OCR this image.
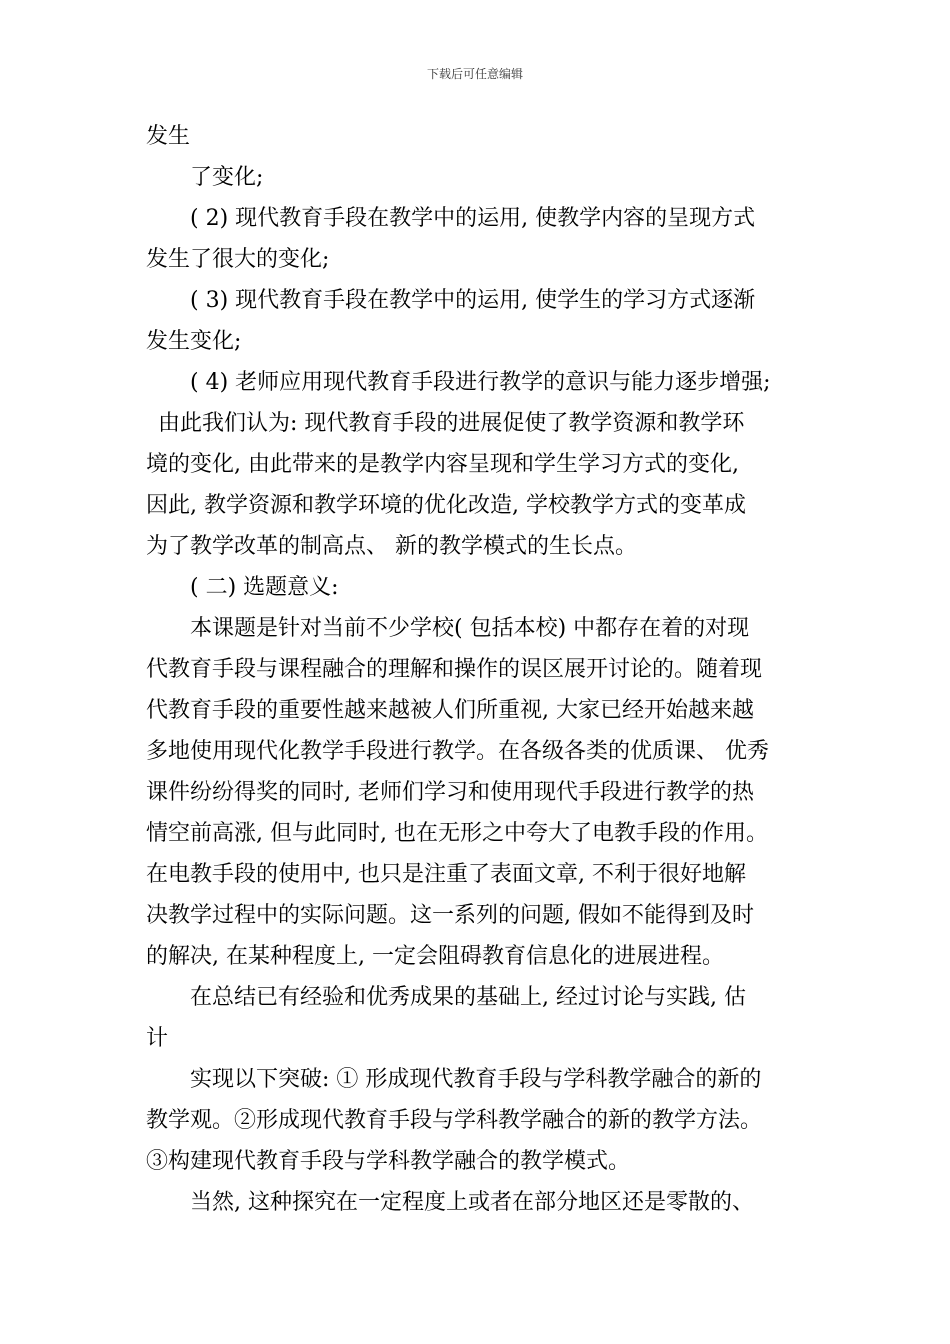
下载后可任意编辑
发生
了变化;
( 2) 现代教育手段在教学中的运用, 使教学内容的呈现方式
发生了很大的变化;
( 3) 现代教育手段在教学中的运用, 使学生的学习方式逐渐
发生变化;
( 4) 老师应用现代教育手段进行教学的意识与能力逐步增强;
由此我们认为: 现代教育手段的进展促使了教学资源和教学环
境的变化, 由此带来的是教学内容呈现和学生学习方式的变化,
因此, 教学资源和教学环境的优化改造, 学校教学方式的变革成
为了教学改革的制高点、 新的教学模式的生长点。
( 二) 选题意义:
本课题是针对当前不少学校( 包括本校) 中都存在着的对现
代教育手段与课程融合的理解和操作的误区展开讨论的。随着现
代教育手段的重要性越来越被人们所重视, 大家已经开始越来越
多地使用现代化教学手段进行教学。在各级各类的优质课、 优秀
课件纷纷得奖的同时, 老师们学习和使用现代手段进行教学的热
情空前高涨, 但与此同时, 也在无形之中夸大了电教手段的作用。
在电教手段的使用中, 也只是注重了表面文章, 不利于很好地解
决教学过程中的实际问题。这一系列的问题, 假如不能得到及时
的解决, 在某种程度上, 一定会阻碍教育信息化的进展进程。
在总结已有经验和优秀成果的基础上, 经过讨论与实践, 估
计
实现以下突破: ① 形成现代教育手段与学科教学融合的新的
教学观。②形成现代教育手段与学科教学融合的新的教学方法。
③构建现代教育手段与学科教学融合的教学模式。
当然, 这种探究在一定程度上或者在部分地区还是零散的、
